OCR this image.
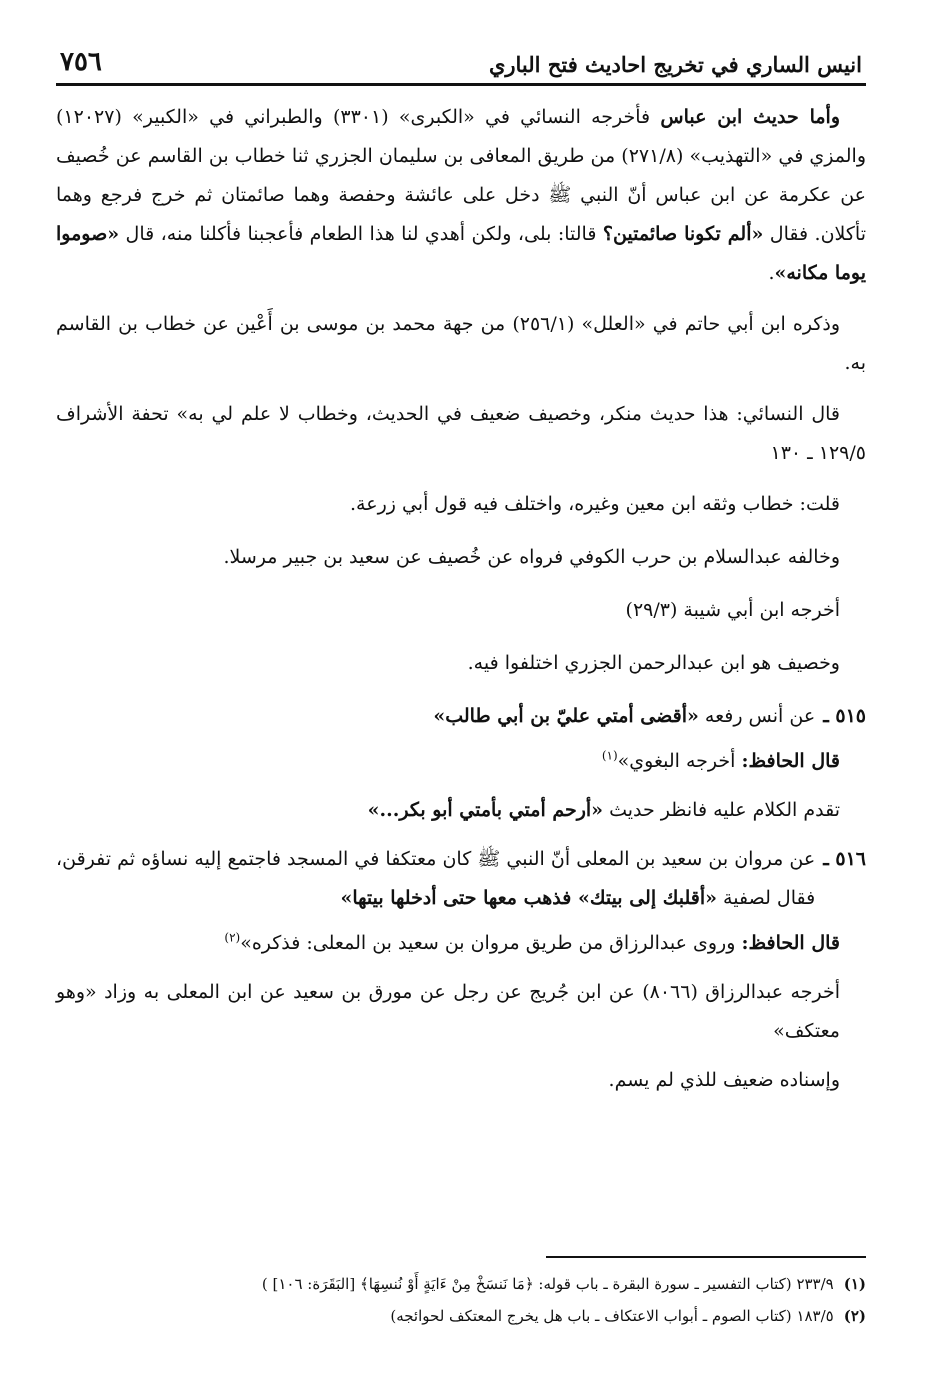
انيس الساري في تخريج احاديث فتح الباري
٧٥٦

وأما حديث ابن عباس فأخرجه النسائي في «الكبرى» (٣٣٠١) والطبراني في «الكبير» (١٢٠٢٧) والمزي في «التهذيب» (٢٧١/٨) من طريق المعافى بن سليمان الجزري ثنا خطاب بن القاسم عن خُصيف عن عكرمة عن ابن عباس أنّ النبي ﷺ دخل على عائشة وحفصة وهما صائمتان ثم خرج فرجع وهما تأكلان. فقال «ألم تكونا صائمتين؟ قالتا: بلى، ولكن أهدي لنا هذا الطعام فأعجبنا فأكلنا منه، قال «صوموا يوما مكانه».

وذكره ابن أبي حاتم في «العلل» (٢٥٦/١) من جهة محمد بن موسى بن أَعْين عن خطاب بن القاسم به.

قال النسائي: هذا حديث منكر، وخصيف ضعيف في الحديث، وخطاب لا علم لي به» تحفة الأشراف ١٢٩/٥ ـ ١٣٠

قلت: خطاب وثقه ابن معين وغيره، واختلف فيه قول أبي زرعة.

وخالفه عبدالسلام بن حرب الكوفي فرواه عن خُصيف عن سعيد بن جبير مرسلا.

أخرجه ابن أبي شيبة (٢٩/٣)

وخصيف هو ابن عبدالرحمن الجزري اختلفوا فيه.

٥١٥ ـ
عن أنس رفعه «أقضى أمتي عليّ بن أبي طالب»

قال الحافظ: أخرجه البغوي»$^{(١)}$

تقدم الكلام عليه فانظر حديث «أرحم أمتي بأمتي أبو بكر...»

٥١٦ ـ
عن مروان بن سعيد بن المعلى أنّ النبي ﷺ كان معتكفا في المسجد فاجتمع إليه نساؤه ثم تفرقن، فقال لصفية «أقلبك إلى بيتك» فذهب معها حتى أدخلها بيتها»

قال الحافظ: وروى عبدالرزاق من طريق مروان بن سعيد بن المعلى: فذكره»$^{(٢)}$

أخرجه عبدالرزاق (٨٠٦٦) عن ابن جُريج عن رجل عن مورق بن سعيد عن ابن المعلى به وزاد «وهو معتكف»

وإسناده ضعيف للذي لم يسم.

(١)
٢٣٣/٩ (كتاب التفسير ـ سورة البقرة ـ باب قوله: ﴿مَا نَنسَخْ مِنْ ءَايَةٍ أَوْ نُنسِهَا﴾ [البَقَرَة: ١٠٦] )
(٢)
١٨٣/٥ (كتاب الصوم ـ أبواب الاعتكاف ـ باب هل يخرج المعتكف لحوائجه)
